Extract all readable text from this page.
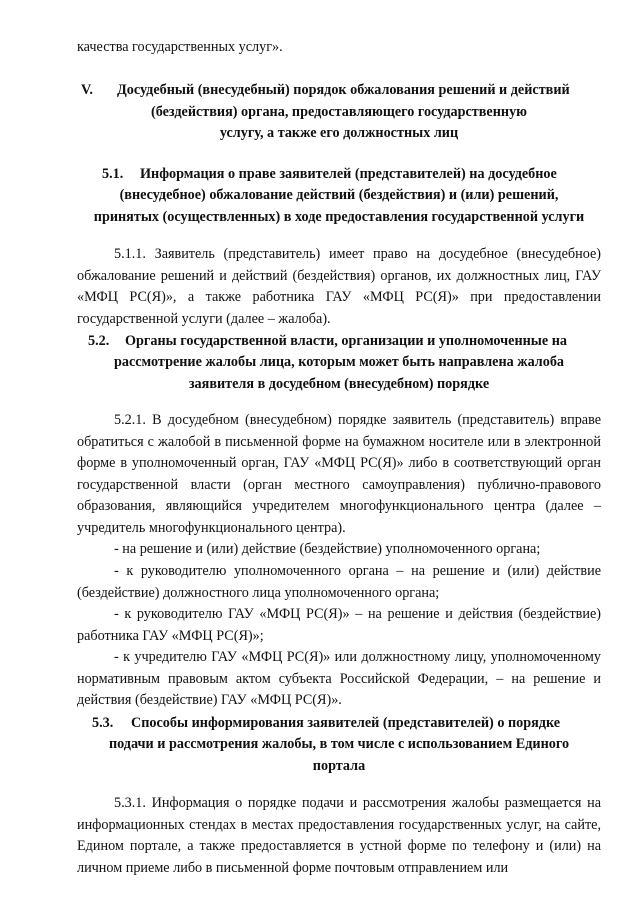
качества государственных услуг».

V. Досудебный (внесудебный) порядок обжалования решений и действий

(бездействия) органа, предоставляющего государственную

услугу, а также его должностных лиц

5.1. Информация о праве заявителей (представителей) на досудебное

(внесудебное) обжалование действий (бездействия) и (или) решений,

принятых (осуществленных) в ходе предоставления государственной услуги

5.1.1. Заявитель (представитель) имеет право на досудебное (внесудебное) обжалование решений и действий (бездействия) органов, их должностных лиц, ГАУ «МФЦ РС(Я)», а также работника ГАУ «МФЦ РС(Я)» при предоставлении государственной услуги (далее – жалоба).

5.2. Органы государственной власти, организации и уполномоченные на

рассмотрение жалобы лица, которым может быть направлена жалоба

заявителя в досудебном (внесудебном) порядке

5.2.1. В досудебном (внесудебном) порядке заявитель (представитель) вправе обратиться с жалобой в письменной форме на бумажном носителе или в электронной форме в уполномоченный орган, ГАУ «МФЦ РС(Я)» либо в соответствующий орган государственной власти (орган местного самоуправления) публично-правового образования, являющийся учредителем многофункционального центра (далее – учредитель многофункционального центра).

- на решение и (или) действие (бездействие) уполномоченного органа;

- к руководителю уполномоченного органа – на решение и (или) действие (бездействие) должностного лица уполномоченного органа;

- к руководителю ГАУ «МФЦ РС(Я)» – на решение и действия (бездействие) работника ГАУ «МФЦ РС(Я)»;

- к учредителю ГАУ «МФЦ РС(Я)» или должностному лицу, уполномоченному нормативным правовым актом субъекта Российской Федерации, – на решение и действия (бездействие) ГАУ «МФЦ РС(Я)».

5.3. Способы информирования заявителей (представителей) о порядке

подачи и рассмотрения жалобы, в том числе с использованием Единого

портала

5.3.1. Информация о порядке подачи и рассмотрения жалобы размещается на информационных стендах в местах предоставления государственных услуг, на сайте, Едином портале, а также предоставляется в устной форме по телефону и (или) на личном приеме либо в письменной форме почтовым отправлением или
